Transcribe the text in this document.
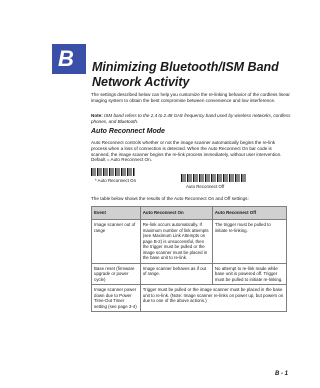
B	Minimizing Bluetooth/ISM Band Network Activity
The settings described below can help you customize the re-linking behavior of the cordless linear imaging system to obtain the best compromise between convenience and low interference.
Note: ISM band refers to the 2.4 to 2.48 GHz frequency band used by wireless networks, cordless phones, and Bluetooth.
Auto Reconnect Mode
Auto Reconnect controls whether or not the image scanner automatically begins the re-link process when a loss of connection is detected. When the Auto Reconnect On bar code is scanned, the image scanner begins the re-link process immediately, without user intervention. Default = Auto Reconnect On.
* Auto Reconnect On
Auto Reconnect Off
The table below shows the results of the Auto Reconnect On and Off settings:
Event	Auto Reconnect On	Auto Reconnect Off
Image scanner out of range	Re-link occurs automatically. If maximum number of link attempts (see Maximum Link Attempts on page B-2) is unsuccessful, then the trigger must be pulled or the image scanner must be placed in the base unit to re-link.	The trigger must be pulled to initiate re-linking.
Base reset (firmware upgrade or power cycle)	Image scanner behaves as if out of range.	No attempt to re-link made while base unit is powered off. Trigger must be pulled to initiate re-linking.
Image scanner power down due to Power Time-Out Timer setting (see page 3-4)	Trigger must be pulled or the image scanner must be placed in the base unit to re-link. (Note: Image scanner re-links on power up, but powers on due to one of the above actions.)	
B - 1
